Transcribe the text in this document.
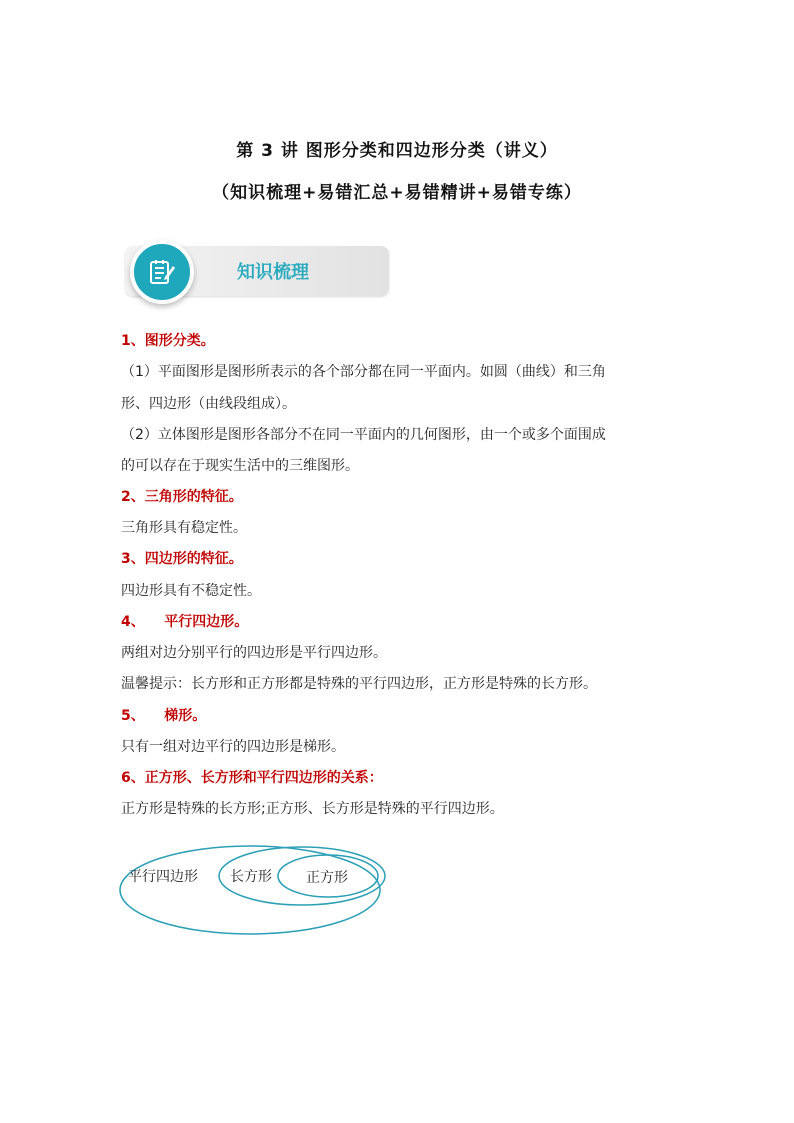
第 3 讲 图形分类和四边形分类（讲义）
（知识梳理+易错汇总+易错精讲+易错专练）
知识梳理
1、图形分类。
（1）平面图形是图形所表示的各个部分都在同一平面内。如圆（曲线）和三角
形、四边形（由线段组成）。
（2）立体图形是图形各部分不在同一平面内的几何图形，由一个或多个面围成
的可以存在于现实生活中的三维图形。
2、三角形的特征。
三角形具有稳定性。
3、四边形的特征。
四边形具有不稳定性。
4、    平行四边形。
两组对边分别平行的四边形是平行四边形。
温馨提示：长方形和正方形都是特殊的平行四边形，正方形是特殊的长方形。
5、    梯形。
只有一组对边平行的四边形是梯形。
6、正方形、长方形和平行四边形的关系：
正方形是特殊的长方形;正方形、长方形是特殊的平行四边形。
平行四边形 长方形 正方形
